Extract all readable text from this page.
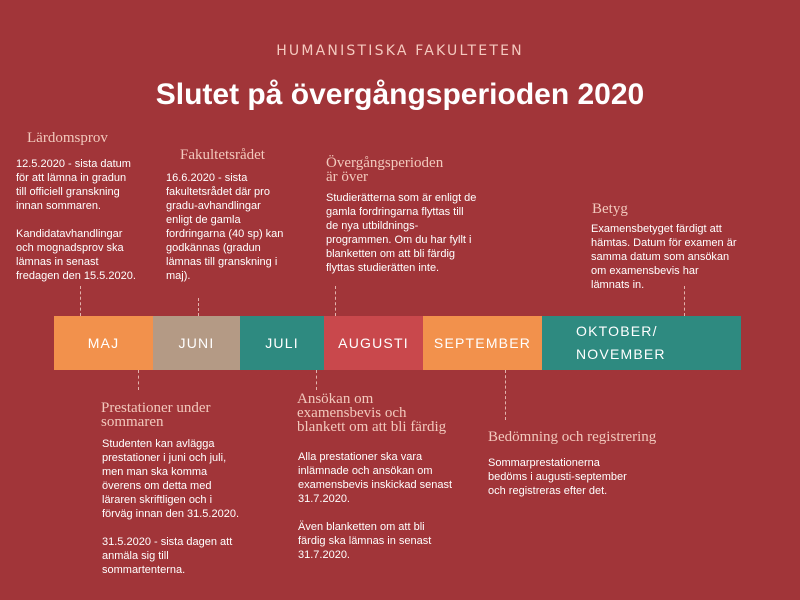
HUMANISTISKA FAKULTETEN
Slutet på övergångsperioden 2020
MAJ	JUNI	JULI	AUGUSTI SEPTEMBER
OKTOBER/
NOVEMBER
Lärdomsprov
12.5.2020 - sista datum
för att lämna in gradun
till officiell granskning
innan sommaren.

Kandidatavhandlingar
och mognadsprov ska
lämnas in senast
fredagen den 15.5.2020.
Fakultetsrådet
16.6.2020 - sista
fakultetsrådet där pro
gradu-avhandlingar
enligt de gamla
fordringarna (40 sp) kan
godkännas (gradun
lämnas till granskning i
maj).
Övergångsperioden
är över
Studierätterna som är enligt de
gamla fordringarna flyttas till
de nya utbildnings-
programmen. Om du har fyllt i
blanketten om att bli färdig
flyttas studierätten inte.
Betyg
Examensbetyget färdigt att
hämtas. Datum för examen är
samma datum som ansökan
om examensbevis har
lämnats in.
Prestationer under
sommaren
Studenten kan avlägga
prestationer i juni och juli,
men man ska komma
överens om detta med
läraren skriftligen och i
förväg innan den 31.5.2020.

31.5.2020 - sista dagen att
anmäla sig till
sommartenterna.
Ansökan om
examensbevis och
blankett om att bli färdig
Alla prestationer ska vara
inlämnade och ansökan om
examensbevis inskickad senast
31.7.2020.

Även blanketten om att bli
färdig ska lämnas in senast
31.7.2020.
Bedömning och registrering
Sommarprestationerna
bedöms i augusti-september
och registreras efter det.
